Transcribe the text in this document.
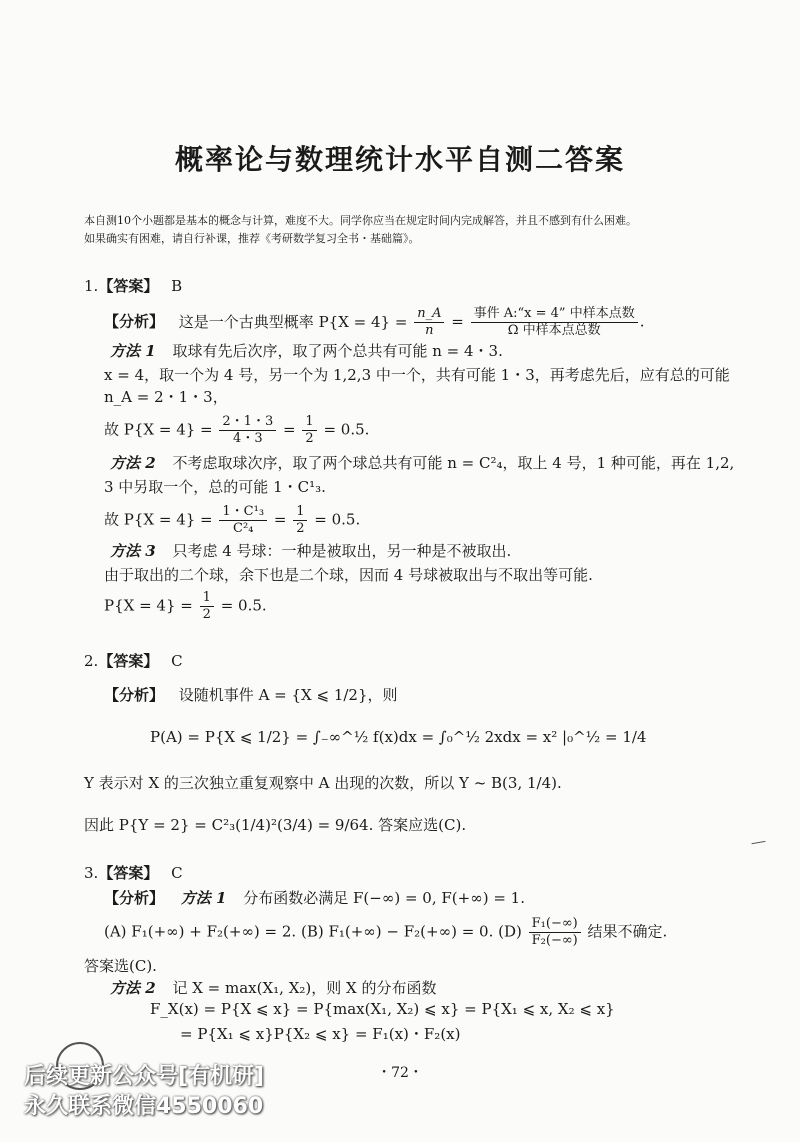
概率论与数理统计水平自测二答案
本自测10个小题都是基本的概念与计算，难度不大。同学你应当在规定时间内完成解答，并且不感到有什么困难。
如果确实有困难，请自行补课，推荐《考研数学复习全书・基础篇》。
1.【答案】 B
【分析】 这是一个古典型概率 $P\{X = 4\} = \frac{n\_A}{n} = \frac{\text{事件 A:“x = 4” 中样本点数}}{\text{Ω 中样本点总数}}$ .
方法 1 取球有先后次序，取了两个总共有可能 n = 4・3.
x = 4，取一个为 4 号，另一个为 1,2,3 中一个，共有可能 1・3，再考虑先后，应有总的可能
n_A = 2・1・3，
故 $P\{X = 4\} = \frac{2・1・3}{4・3} = \frac{1}{2} = 0.5$.
方法 2 不考虑取球次序，取了两个球总共有可能 n = C²₄，取上 4 号，1 种可能，再在 1,2,
3 中另取一个，总的可能 1・C¹₃.
故 $P\{X = 4\} = \frac{\text{1・C¹₃}}{\text{C²₄}} = \frac{1}{2} = 0.5$.
方法 3 只考虑 4 号球：一种是被取出，另一种是不被取出.
由于取出的二个球，余下也是二个球，因而 4 号球被取出与不取出等可能.
$P\{X = 4\} = \frac{1}{2} = 0.5$.
2.【答案】 C
【分析】 设随机事件 A = {X ⩽ 1/2}，则
P(A) = P{X ⩽ 1/2} = ∫₋∞^½ f(x)dx = ∫₀^½ 2xdx = x² |₀^½ = 1/4
Y 表示对 X 的三次独立重复观察中 A 出现的次数，所以 Y ~ B(3, 1/4).
因此 P{Y = 2} = C²₃(1/4)²(3/4) = 9/64. 答案应选(C).
3.【答案】 C
【分析】 方法 1 分布函数必满足 F(−∞) = 0, F(+∞) = 1.
(A) F₁(+∞) + F₂(+∞) = 2. (B) F₁(+∞) − F₂(+∞) = 0. $(D) \frac{\text{F₁(−∞)}}{\text{F₂(−∞)}}$ 结果不确定.
答案选(C).
方法 2 记 X = max(X₁, X₂)，则 X 的分布函数
F_X(x) = P{X ⩽ x} = P{max(X₁, X₂) ⩽ x} = P{X₁ ⩽ x, X₂ ⩽ x}
= P{X₁ ⩽ x}P{X₂ ⩽ x} = F₁(x)・F₂(x)
・72・
后续更新公众号[有机研]
永久联系微信4550060
